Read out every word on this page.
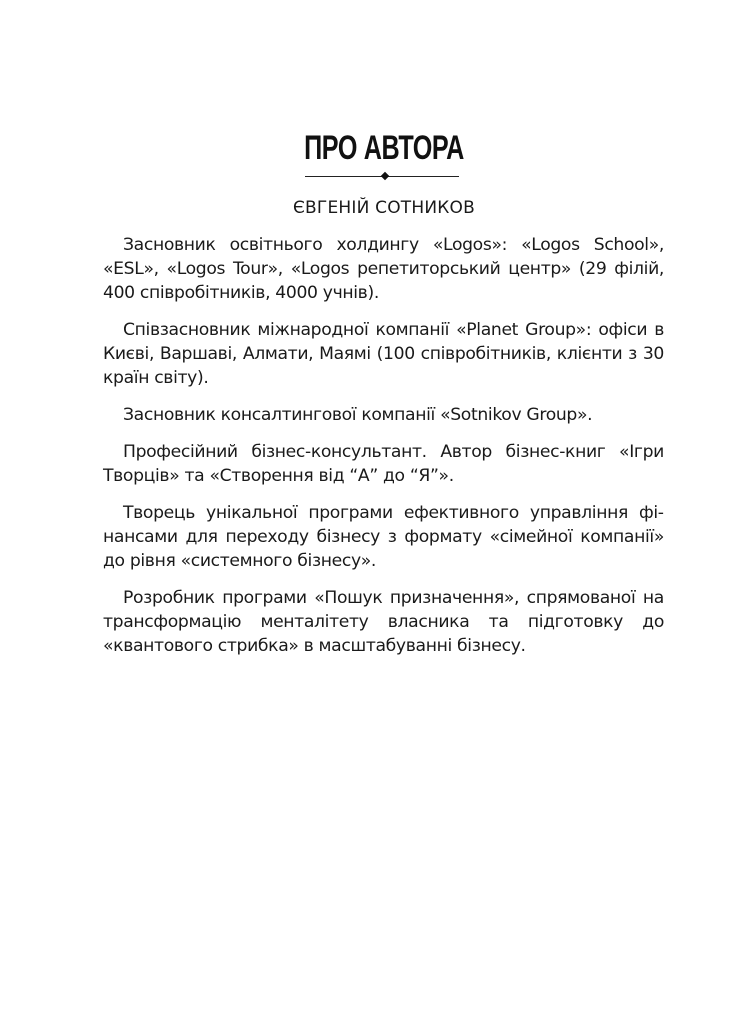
ПРО АВТОРА
ЄВГЕНІЙ СОТНИКОВ

Засновник освітнього холдингу «Logos»: «Logos School», «ESL», «Logos Tour», «Logos репетиторський центр» (29 філій, 400 співробітників, 4000 учнів).

Співзасновник міжнародної компанії «Planet Group»: офіси в Києві, Варшаві, Алмати, Маямі (100 співробітників, клієнти з 30 країн світу).

Засновник консалтингової компанії «Sotnikov Group».

Професійний бізнес-консультант. Автор бізнес-книг «Ігри Творців» та «Створення від “А” до “Я”».

Творець унікальної програми ефективного управління фінансами для переходу бізнесу з формату «сімейної компанії» до рівня «системного бізнесу».

Розробник програми «Пошук призначення», спрямованої на трансформацію менталітету власника та підготовку до «квантового стрибка» в масштабуванні бізнесу.
